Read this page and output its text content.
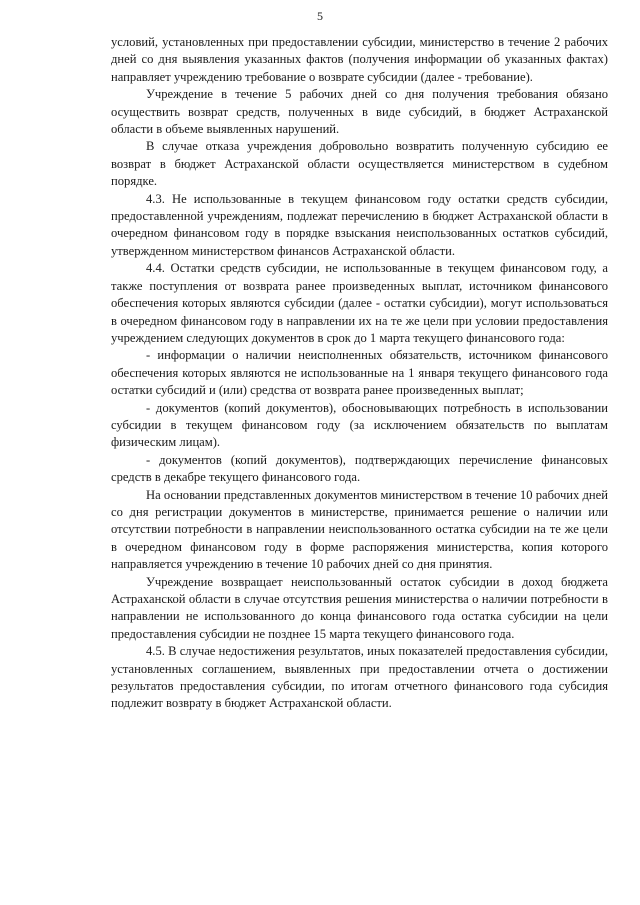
5

условий, установленных при предоставлении субсидии, министерство в течение 2 рабочих дней со дня выявления указанных фактов (получения информации об указанных фактах) направляет учреждению требование о возврате субсидии (далее - требование).

Учреждение в течение 5 рабочих дней со дня получения требования обязано осуществить возврат средств, полученных в виде субсидий, в бюджет Астраханской области в объеме выявленных нарушений.

В случае отказа учреждения добровольно возвратить полученную субсидию ее возврат в бюджет Астраханской области осуществляется министерством в судебном порядке.

4.3. Не использованные в текущем финансовом году остатки средств субсидии, предоставленной учреждениям, подлежат перечислению в бюджет Астраханской области в очередном финансовом году в порядке взыскания неиспользованных остатков субсидий, утвержденном министерством финансов Астраханской области.

4.4. Остатки средств субсидии, не использованные в текущем финансовом году, а также поступления от возврата ранее произведенных выплат, источником финансового обеспечения которых являются субсидии (далее - остатки субсидии), могут использоваться в очередном финансовом году в направлении их на те же цели при условии предоставления учреждением следующих документов в срок до 1 марта текущего финансового года:

- информации о наличии неисполненных обязательств, источником финансового обеспечения которых являются не использованные на 1 января текущего финансового года остатки субсидий и (или) средства от возврата ранее произведенных выплат;

- документов (копий документов), обосновывающих потребность в использовании субсидии в текущем финансовом году (за исключением обязательств по выплатам физическим лицам).

- документов (копий документов), подтверждающих перечисление финансовых средств в декабре текущего финансового года.

На основании представленных документов министерством в течение 10 рабочих дней со дня регистрации документов в министерстве, принимается решение о наличии или отсутствии потребности в направлении неиспользованного остатка субсидии на те же цели в очередном финансовом году в форме распоряжения министерства, копия которого направляется учреждению в течение 10 рабочих дней со дня принятия.

Учреждение возвращает неиспользованный остаток субсидии в доход бюджета Астраханской области в случае отсутствия решения министерства о наличии потребности в направлении не использованного до конца финансового года остатка субсидии на цели предоставления субсидии не позднее 15 марта текущего финансового года.

4.5. В случае недостижения результатов, иных показателей предоставления субсидии, установленных соглашением, выявленных при предоставлении отчета о достижении результатов предоставления субсидии, по итогам отчетного финансового года субсидия подлежит возврату в бюджет Астраханской области.
